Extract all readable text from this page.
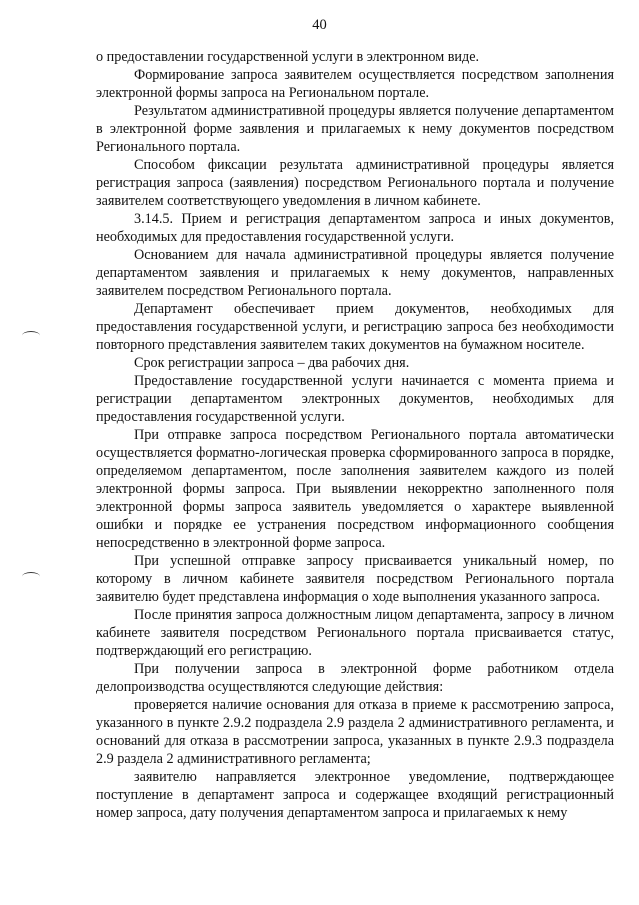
40

о предоставлении государственной услуги в электронном виде.

Формирование запроса заявителем осуществляется посредством заполнения электронной формы запроса на Региональном портале.

Результатом административной процедуры является получение департаментом в электронной форме заявления и прилагаемых к нему документов посредством Регионального портала.

Способом фиксации результата административной процедуры является регистрация запроса (заявления) посредством Регионального портала и получение заявителем соответствующего уведомления в личном кабинете.

3.14.5. Прием и регистрация департаментом запроса и иных документов, необходимых для предоставления государственной услуги.

Основанием для начала административной процедуры является получение департаментом заявления и прилагаемых к нему документов, направленных заявителем посредством Регионального портала.

Департамент обеспечивает прием документов, необходимых для предоставления государственной услуги, и регистрацию запроса без необходимости повторного представления заявителем таких документов на бумажном носителе.

Срок регистрации запроса – два рабочих дня.

Предоставление государственной услуги начинается с момента приема и регистрации департаментом электронных документов, необходимых для предоставления государственной услуги.

При отправке запроса посредством Регионального портала автоматически осуществляется форматно-логическая проверка сформированного запроса в порядке, определяемом департаментом, после заполнения заявителем каждого из полей электронной формы запроса. При выявлении некорректно заполненного поля электронной формы запроса заявитель уведомляется о характере выявленной ошибки и порядке ее устранения посредством информационного сообщения непосредственно в электронной форме запроса.

При успешной отправке запросу присваивается уникальный номер, по которому в личном кабинете заявителя посредством Регионального портала заявителю будет представлена информация о ходе выполнения указанного запроса.

После принятия запроса должностным лицом департамента, запросу в личном кабинете заявителя посредством Регионального портала присваивается статус, подтверждающий его регистрацию.

При получении запроса в электронной форме работником отдела делопроизводства осуществляются следующие действия:

проверяется наличие основания для отказа в приеме к рассмотрению запроса, указанного в пункте 2.9.2 подраздела 2.9 раздела 2 административного регламента, и оснований для отказа в рассмотрении запроса, указанных в пункте 2.9.3 подраздела 2.9 раздела 2 административного регламента;

заявителю направляется электронное уведомление, подтверждающее поступление в департамент запроса и содержащее входящий регистрационный номер запроса, дату получения департаментом запроса и прилагаемых к нему
